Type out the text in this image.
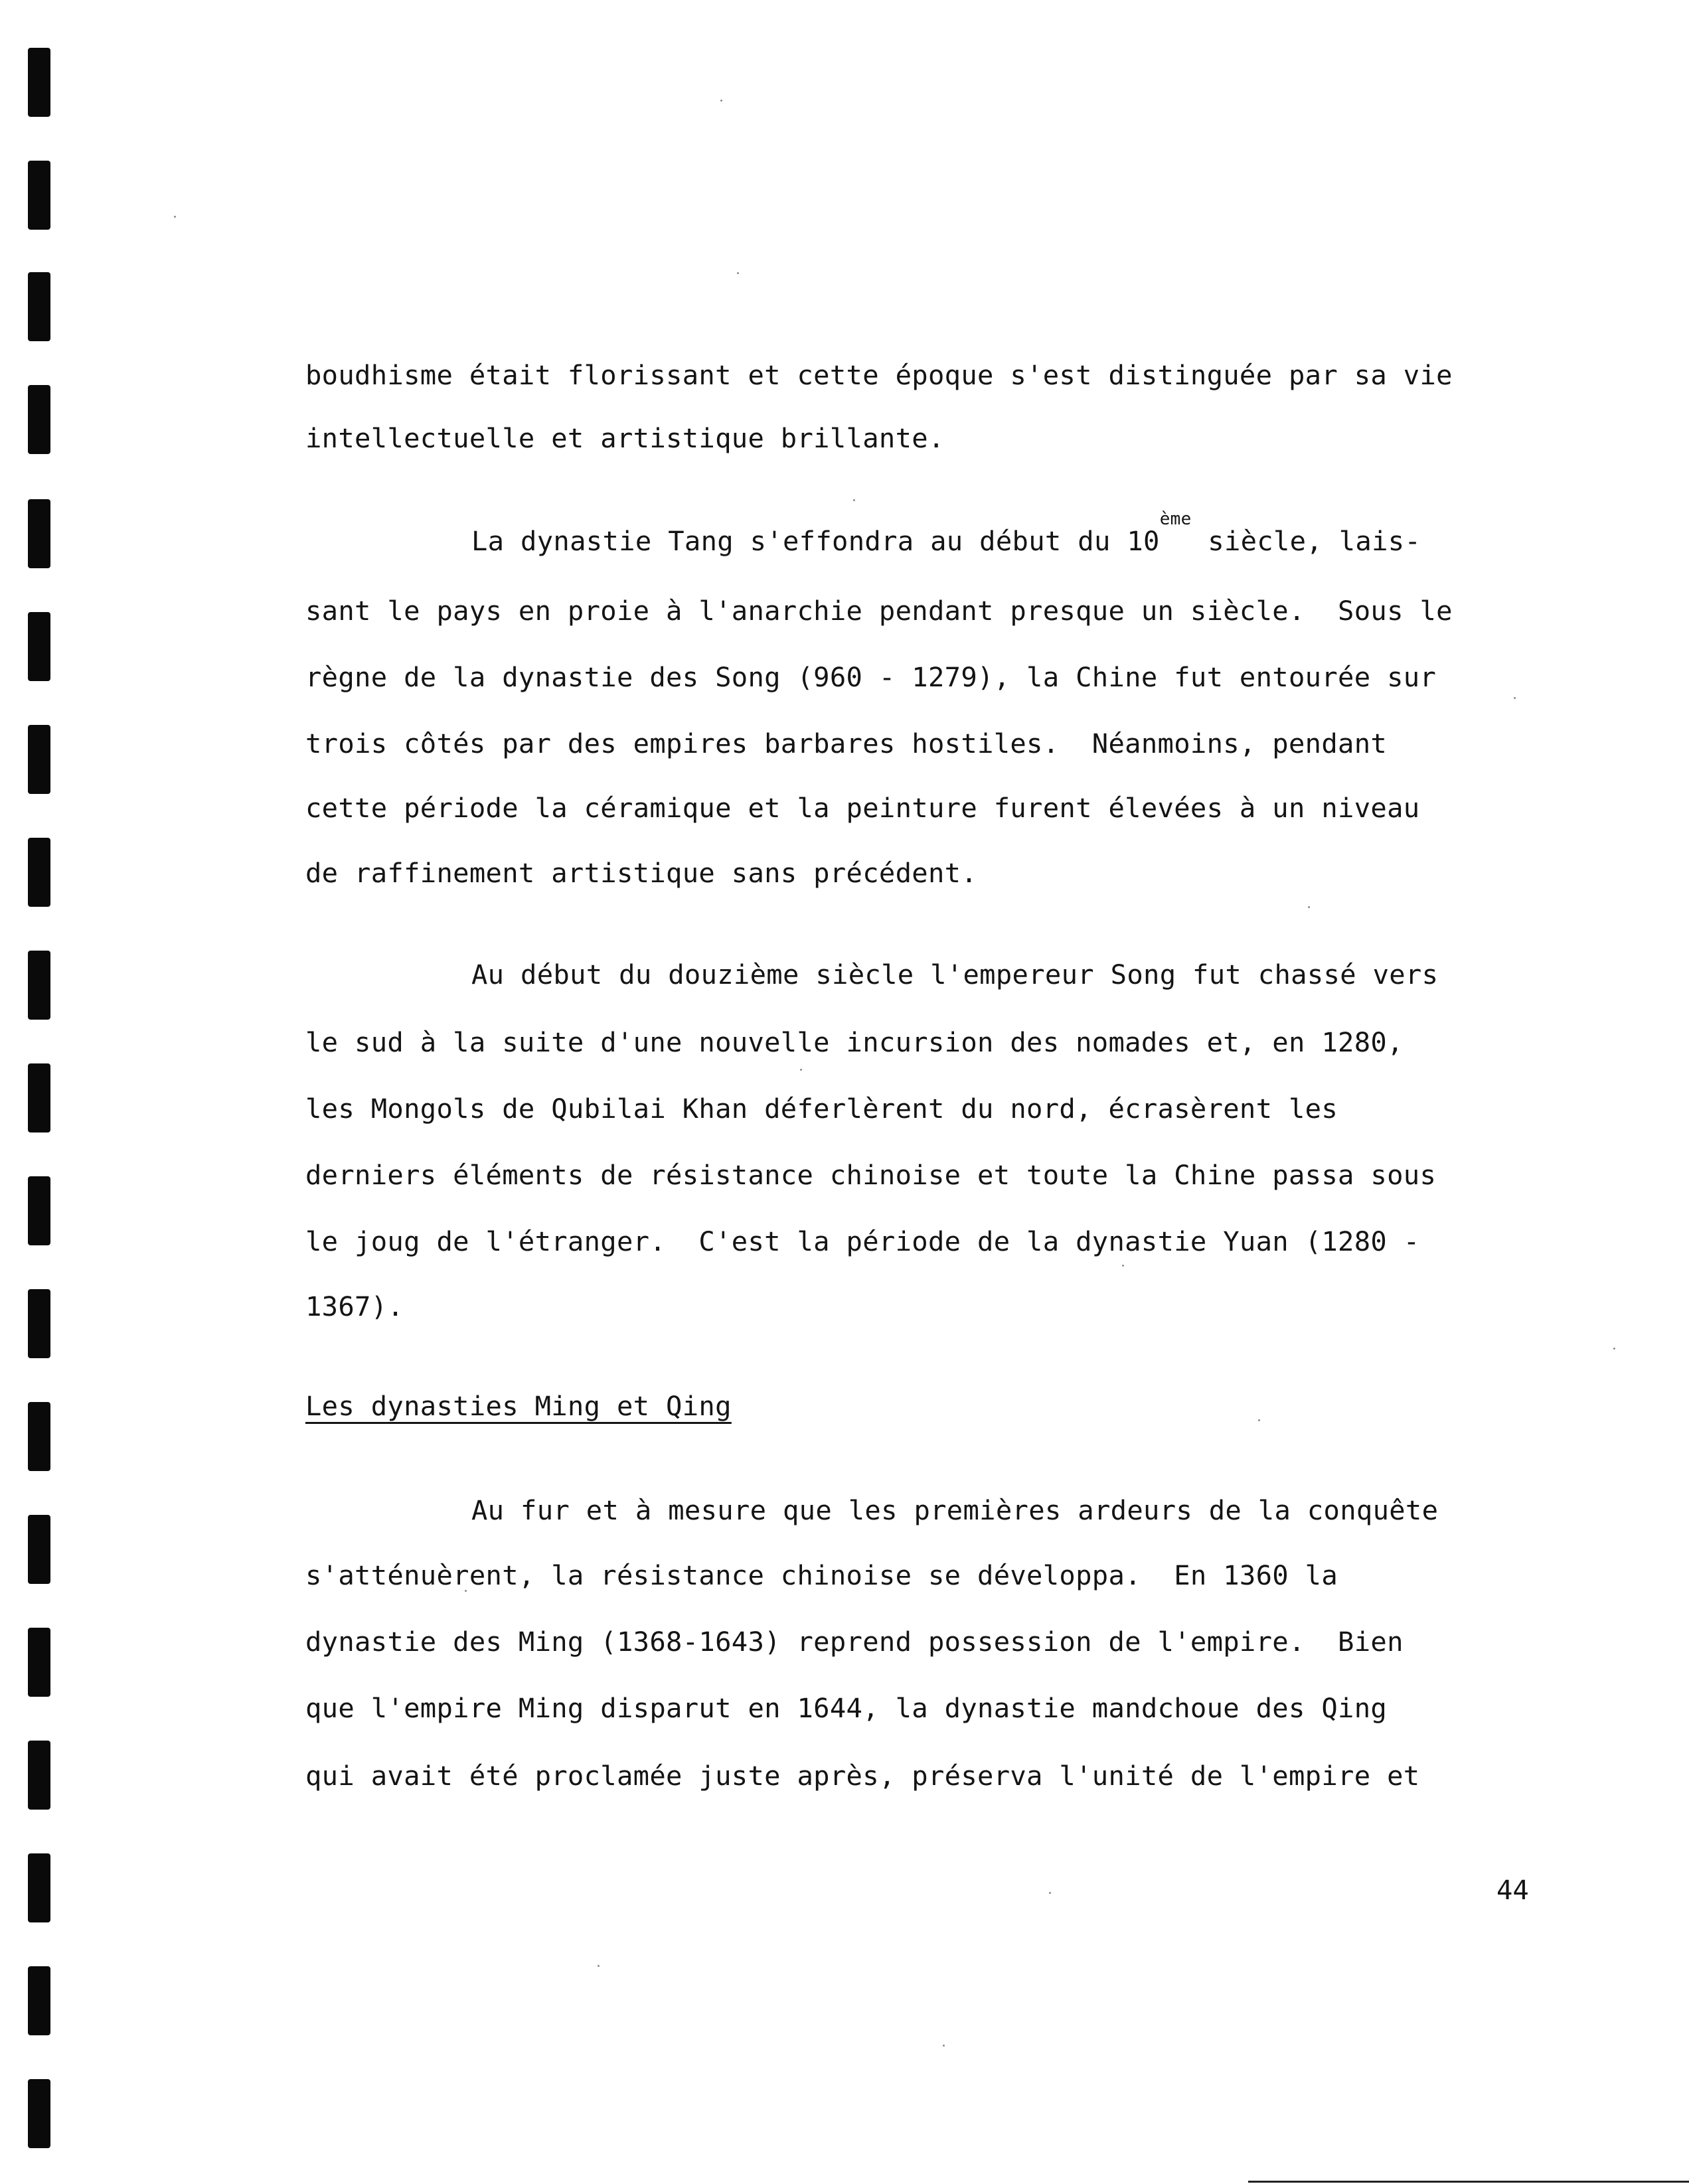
boudhisme était florissant et cette époque s'est distinguée par sa vie
intellectuelle et artistique brillante.
La dynastie Tang s'effondra au début du 10ème siècle, lais-
sant le pays en proie à l'anarchie pendant presque un siècle.  Sous le
règne de la dynastie des Song (960 - 1279), la Chine fut entourée sur
trois côtés par des empires barbares hostiles.  Néanmoins, pendant
cette période la céramique et la peinture furent élevées à un niveau
de raffinement artistique sans précédent.
Au début du douzième siècle l'empereur Song fut chassé vers
le sud à la suite d'une nouvelle incursion des nomades et, en 1280,
les Mongols de Qubilai Khan déferlèrent du nord, écrasèrent les
derniers éléments de résistance chinoise et toute la Chine passa sous
le joug de l'étranger.  C'est la période de la dynastie Yuan (1280 -
1367).
Les dynasties Ming et Qing
Au fur et à mesure que les premières ardeurs de la conquête
s'atténuèrent, la résistance chinoise se développa.  En 1360 la
dynastie des Ming (1368-1643) reprend possession de l'empire.  Bien
que l'empire Ming disparut en 1644, la dynastie mandchoue des Qing
qui avait été proclamée juste après, préserva l'unité de l'empire et
44
